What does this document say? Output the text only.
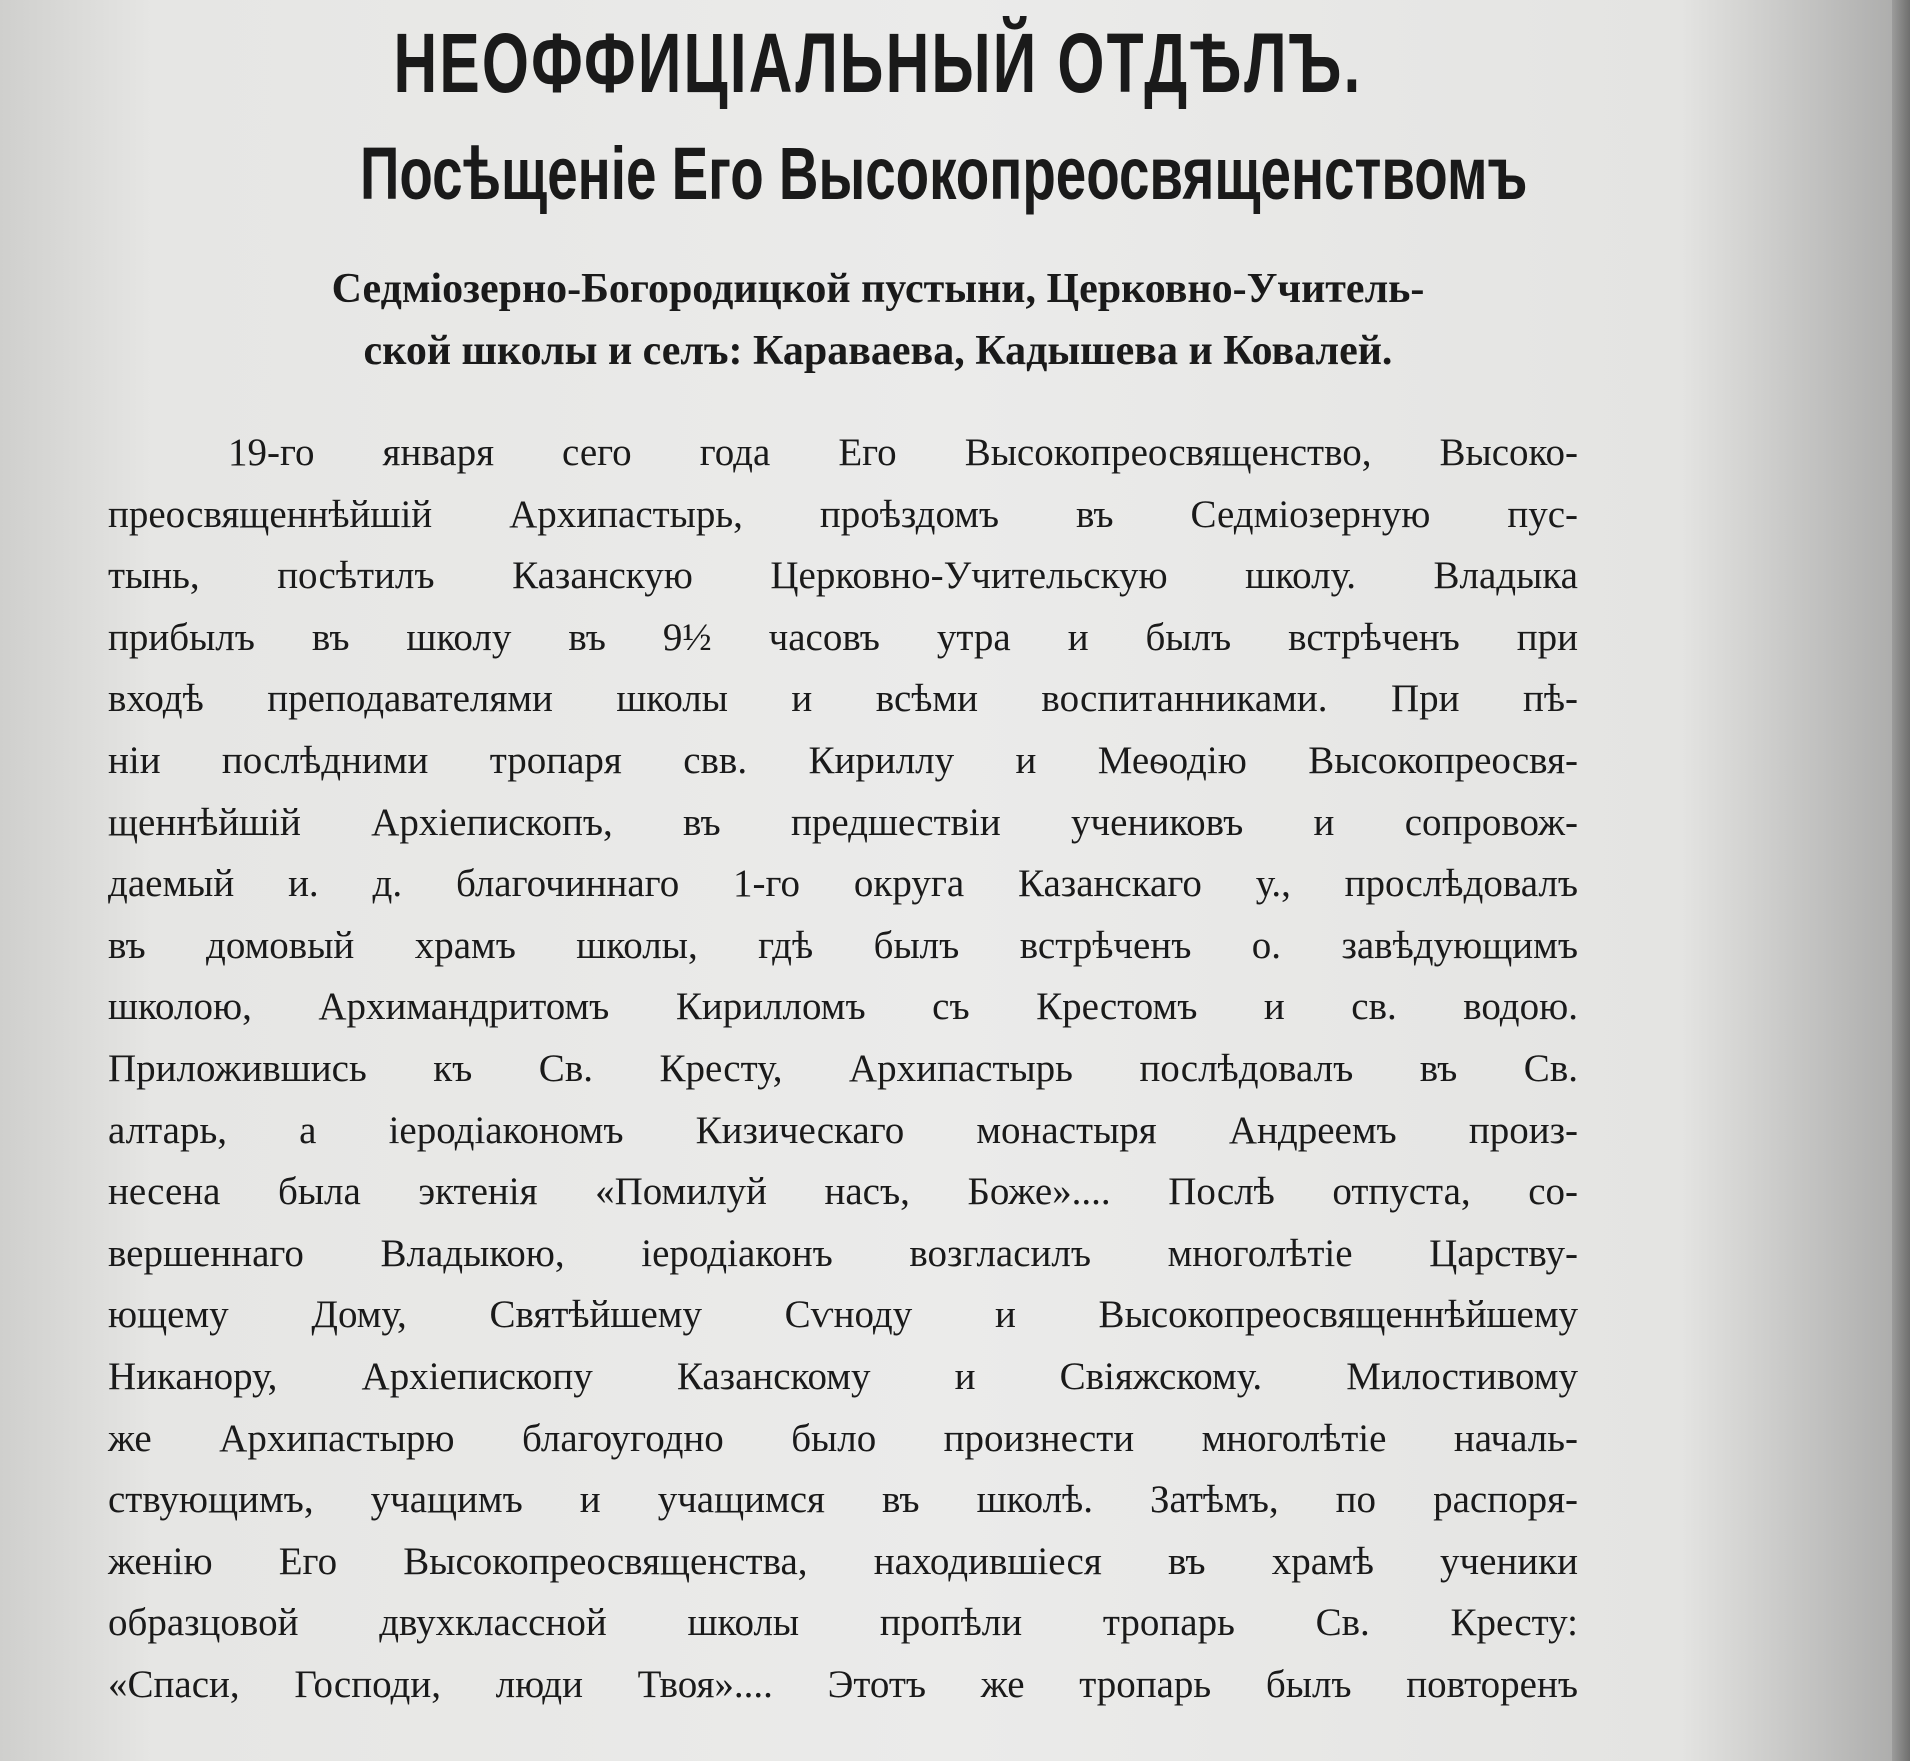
НЕОФФИЦІАЛЬНЫЙ ОТДѢЛЪ.
Посѣщеніе Его Высокопреосвященствомъ
Седміозерно-Богородицкой пустыни, Церковно-Учитель-
ской школы и селъ: Караваева, Кадышева и Ковалей.
19-го января сего года Его Высокопреосвященство, Высоко-
преосвященнѣйшій Архипастырь, проѣздомъ въ Седміозерную пус-
тынь, посѣтилъ Казанскую Церковно-Учительскую школу. Владыка
прибылъ въ школу въ 9½ часовъ утра и былъ встрѣченъ при
входѣ преподавателями школы и всѣми воспитанниками. При пѣ-
ніи послѣдними тропаря свв. Кириллу и Меѳодію Высокопреосвя-
щеннѣйшій Архіепископъ, въ предшествіи учениковъ и сопровож-
даемый и. д. благочиннаго 1-го округа Казанскаго у., прослѣдовалъ
въ домовый храмъ школы, гдѣ былъ встрѣченъ о. завѣдующимъ
школою, Архимандритомъ Кирилломъ съ Крестомъ и св. водою.
Приложившись къ Св. Кресту, Архипастырь послѣдовалъ въ Св.
алтарь, а іеродіакономъ Кизическаго монастыря Андреемъ произ-
несена была эктенія «Помилуй насъ, Боже».... Послѣ отпуста, со-
вершеннаго Владыкою, іеродіаконъ возгласилъ многолѣтіе Царству-
ющему Дому, Святѣйшему Сѵноду и Высокопреосвященнѣйшему
Никанору, Архіепископу Казанскому и Свіяжскому. Милостивому
же Архипастырю благоугодно было произнести многолѣтіе началь-
ствующимъ, учащимъ и учащимся въ школѣ. Затѣмъ, по распоря-
женію Его Высокопреосвященства, находившіеся въ храмѣ ученики
образцовой двухклассной школы пропѣли тропарь Св. Кресту:
«Спаси, Господи, люди Твоя».... Этотъ же тропарь былъ повторенъ
